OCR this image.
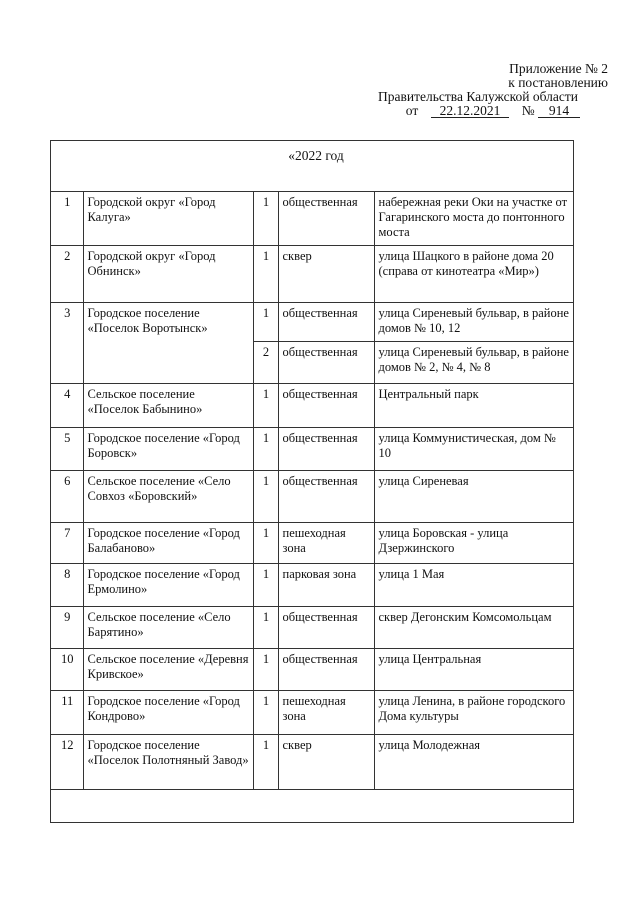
Приложение № 2
к постановлению
Правительства Калужской области
от 22.12.2021 № 914
«2022 год
1	Городской округ «Город Калуга»	1	общественная	набережная реки Оки на участке от Гагаринского моста до понтонного моста
2	Городской округ «Город Обнинск»	1	сквер	улица Шацкого в районе дома 20 (справа от кинотеатра «Мир»)
3	Городское поселение «Поселок Воротынск»	1	общественная	улица Сиреневый бульвар, в районе домов № 10, 12
		2	общественная	улица Сиреневый бульвар, в районе домов № 2, № 4, № 8
4	Сельское поселение «Поселок Бабынино»	1	общественная	Центральный парк
5	Городское поселение «Город Боровск»	1	общественная	улица Коммунистическая, дом № 10
6	Сельское поселение «Село Совхоз «Боровский»	1	общественная	улица Сиреневая
7	Городское поселение «Город Балабаново»	1	пешеходная зона	улица Боровская - улица Дзержинского
8	Городское поселение «Город Ермолино»	1	парковая зона	улица 1 Мая
9	Сельское поселение «Село Барятино»	1	общественная	сквер Дегонским Комсомольцам
10	Сельское поселение «Деревня Кривское»	1	общественная	улица Центральная
11	Городское поселение «Город Кондрово»	1	пешеходная зона	улица Ленина, в районе городского Дома культуры
12	Городское поселение «Поселок Полотняный Завод»	1	сквер	улица Молодежная
